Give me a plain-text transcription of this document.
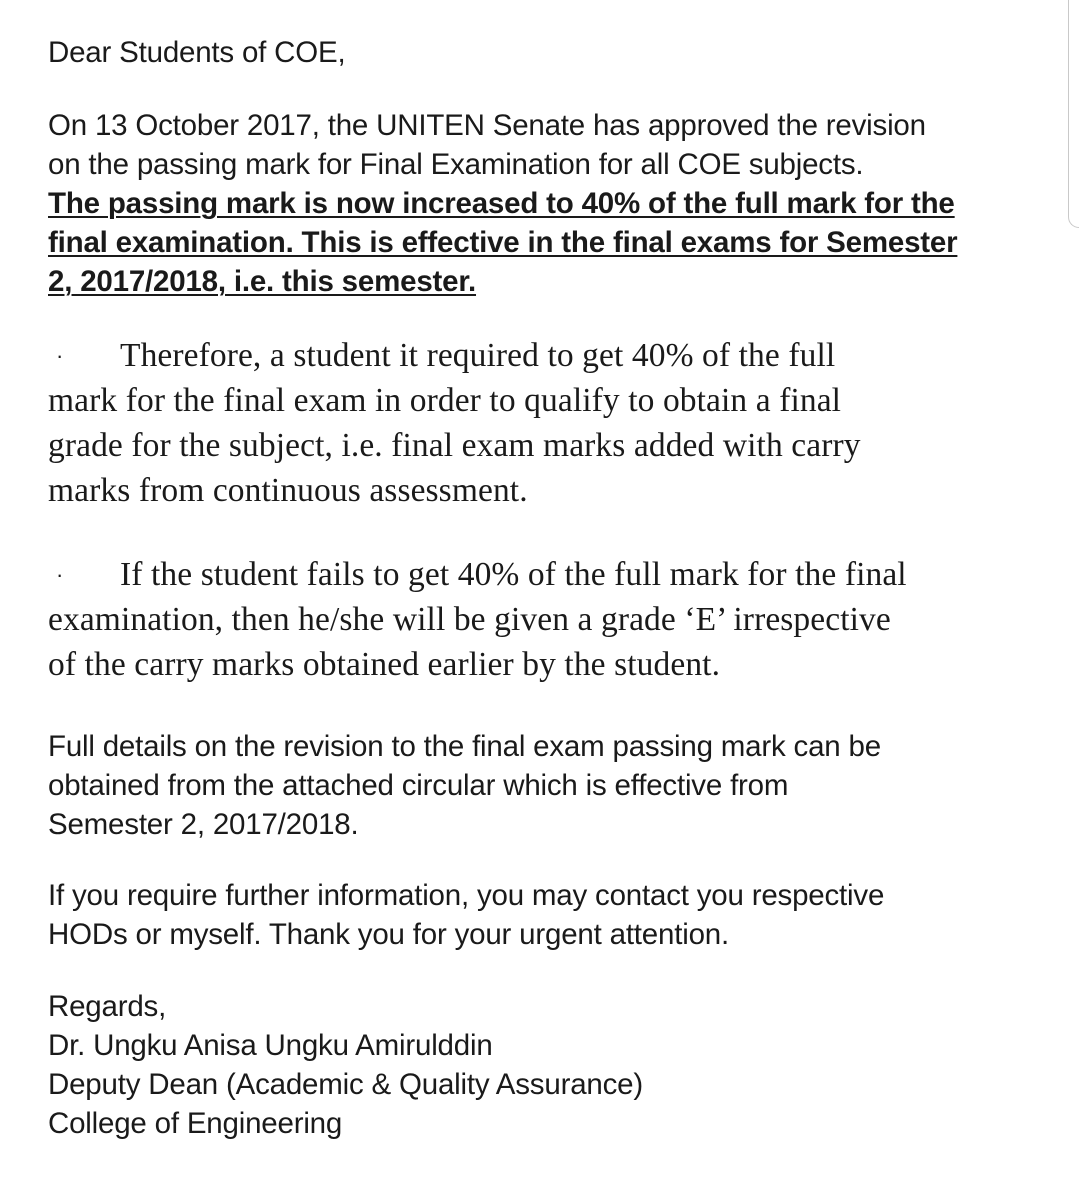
Dear Students of COE,

On 13 October 2017, the UNITEN Senate has approved the revision
on the passing mark for Final Examination for all COE subjects.
The passing mark is now increased to 40% of the full mark for the
final examination. This is effective in the final exams for Semester
2, 2017/2018, i.e. this semester.

· Therefore, a student it required to get 40% of the full
mark for the final exam in order to qualify to obtain a final
grade for the subject, i.e. final exam marks added with carry
marks from continuous assessment.
· If the student fails to get 40% of the full mark for the final
examination, then he/she will be given a grade ‘E’ irrespective
of the carry marks obtained earlier by the student.

Full details on the revision to the final exam passing mark can be
obtained from the attached circular which is effective from
Semester 2, 2017/2018.

If you require further information, you may contact you respective
HODs or myself. Thank you for your urgent attention.

Regards,
Dr. Ungku Anisa Ungku Amirulddin
Deputy Dean (Academic & Quality Assurance)
College of Engineering
